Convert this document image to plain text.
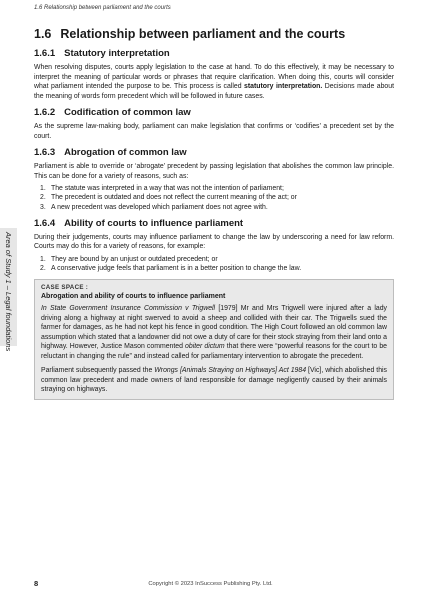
1.6 Relationship between parliament and the courts
Area of Study 1 – Legal foundations
1.6 Relationship between parliament and the courts
1.6.1 Statutory interpretation

When resolving disputes, courts apply legislation to the case at hand. To do this effectively, it may be necessary to interpret the meaning of particular words or phrases that require clarification. When doing this, courts will consider what parliament intended the purpose to be. This process is called statutory interpretation. Decisions made about the meaning of words form precedent which will be followed in future cases.

1.6.2 Codification of common law

As the supreme law-making body, parliament can make legislation that confirms or ‘codifies’ a precedent set by the court.

1.6.3 Abrogation of common law

Parliament is able to override or ‘abrogate’ precedent by passing legislation that abolishes the common law principle. This can be done for a variety of reasons, such as:

1. The statute was interpreted in a way that was not the intention of parliament;
2. The precedent is outdated and does not reflect the current meaning of the act; or
3. A new precedent was developed which parliament does not agree with.
1.6.4 Ability of courts to influence parliament

During their judgements, courts may influence parliament to change the law by underscoring a need for law reform. Courts may do this for a variety of reasons, for example:

1. They are bound by an unjust or outdated precedent; or
2. A conservative judge feels that parliament is in a better position to change the law.
CASE SPACE :
Abrogation and ability of courts to influence parliament

In State Government Insurance Commission v Trigwell [1979] Mr and Mrs Trigwell were injured after a lady driving along a highway at night swerved to avoid a sheep and collided with their car. The Trigwells sued the farmer for damages, as he had not kept his fence in good condition. The High Court followed an old common law assumption which stated that a landowner did not owe a duty of care for their stock straying from their land onto a highway. However, Justice Mason commented obiter dictum that there were “powerful reasons for the court to be reluctant in changing the rule” and instead called for parliamentary intervention to abrogate the precedent.

Parliament subsequently passed the Wrongs [Animals Straying on Highways] Act 1984 [Vic], which abolished this common law precedent and made owners of land responsible for damage negligently caused by their animals straying on highways.

8	Copyright © 2023 InSuccess Publishing Pty. Ltd.
